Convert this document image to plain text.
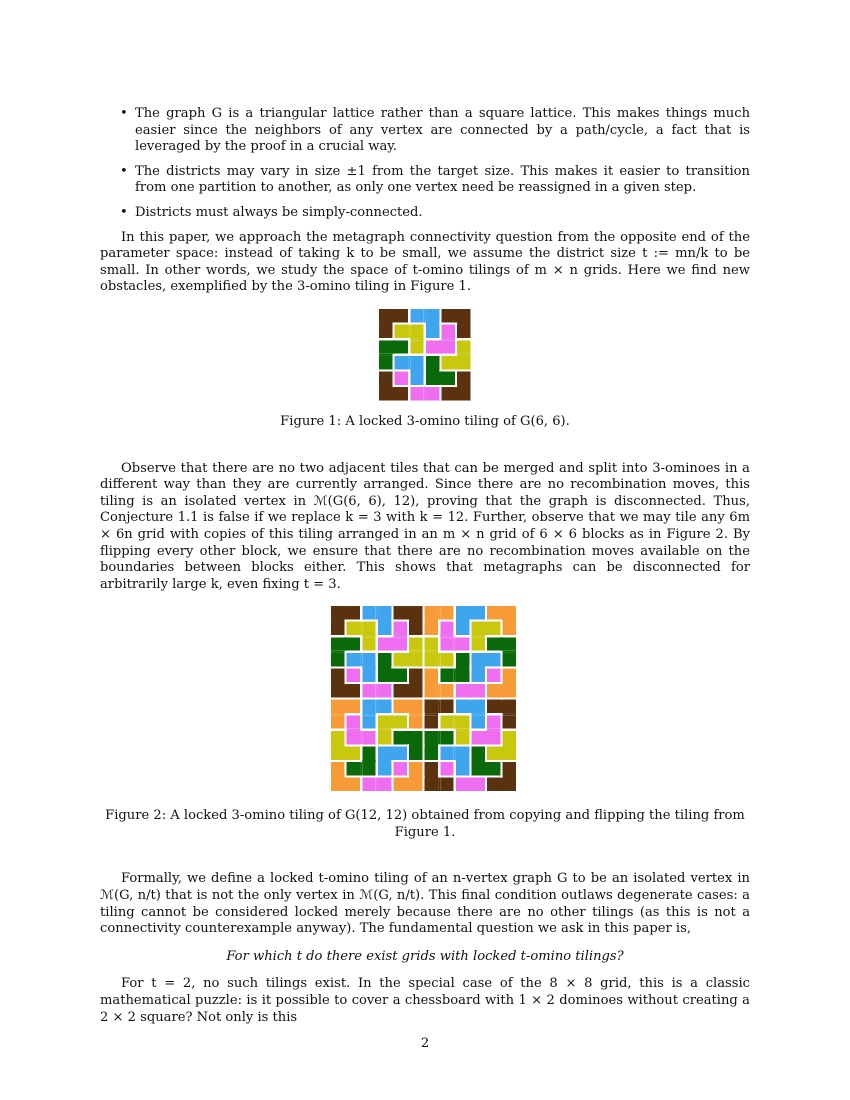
• The graph G is a triangular lattice rather than a square lattice. This makes things much easier since the neighbors of any vertex are connected by a path/cycle, a fact that is leveraged by the proof in a crucial way.
• The districts may vary in size ±1 from the target size. This makes it easier to transition from one partition to another, as only one vertex need be reassigned in a given step.
• Districts must always be simply-connected.

In this paper, we approach the metagraph connectivity question from the opposite end of the parameter space: instead of taking k to be small, we assume the district size t := mn/k to be small. In other words, we study the space of t-omino tilings of m × n grids. Here we find new obstacles, exemplified by the 3-omino tiling in Figure 1.

Figure 1: A locked 3-omino tiling of G(6, 6).

Observe that there are no two adjacent tiles that can be merged and split into 3-ominoes in a different way than they are currently arranged. Since there are no recombination moves, this tiling is an isolated vertex in ℳ(G(6, 6), 12), proving that the graph is disconnected. Thus, Conjecture 1.1 is false if we replace k = 3 with k = 12. Further, observe that we may tile any 6m × 6n grid with copies of this tiling arranged in an m × n grid of 6 × 6 blocks as in Figure 2. By flipping every other block, we ensure that there are no recombination moves available on the boundaries between blocks either. This shows that metagraphs can be disconnected for arbitrarily large k, even fixing t = 3.

Figure 2: A locked 3-omino tiling of G(12, 12) obtained from copying and flipping the tiling from Figure 1.

Formally, we define a locked t-omino tiling of an n-vertex graph G to be an isolated vertex in ℳ(G, n/t) that is not the only vertex in ℳ(G, n/t). This final condition outlaws degenerate cases: a tiling cannot be considered locked merely because there are no other tilings (as this is not a connectivity counterexample anyway). The fundamental question we ask in this paper is,

For which t do there exist grids with locked t-omino tilings?

For t = 2, no such tilings exist. In the special case of the 8 × 8 grid, this is a classic mathematical puzzle: is it possible to cover a chessboard with 1 × 2 dominoes without creating a 2 × 2 square? Not only is this

2
